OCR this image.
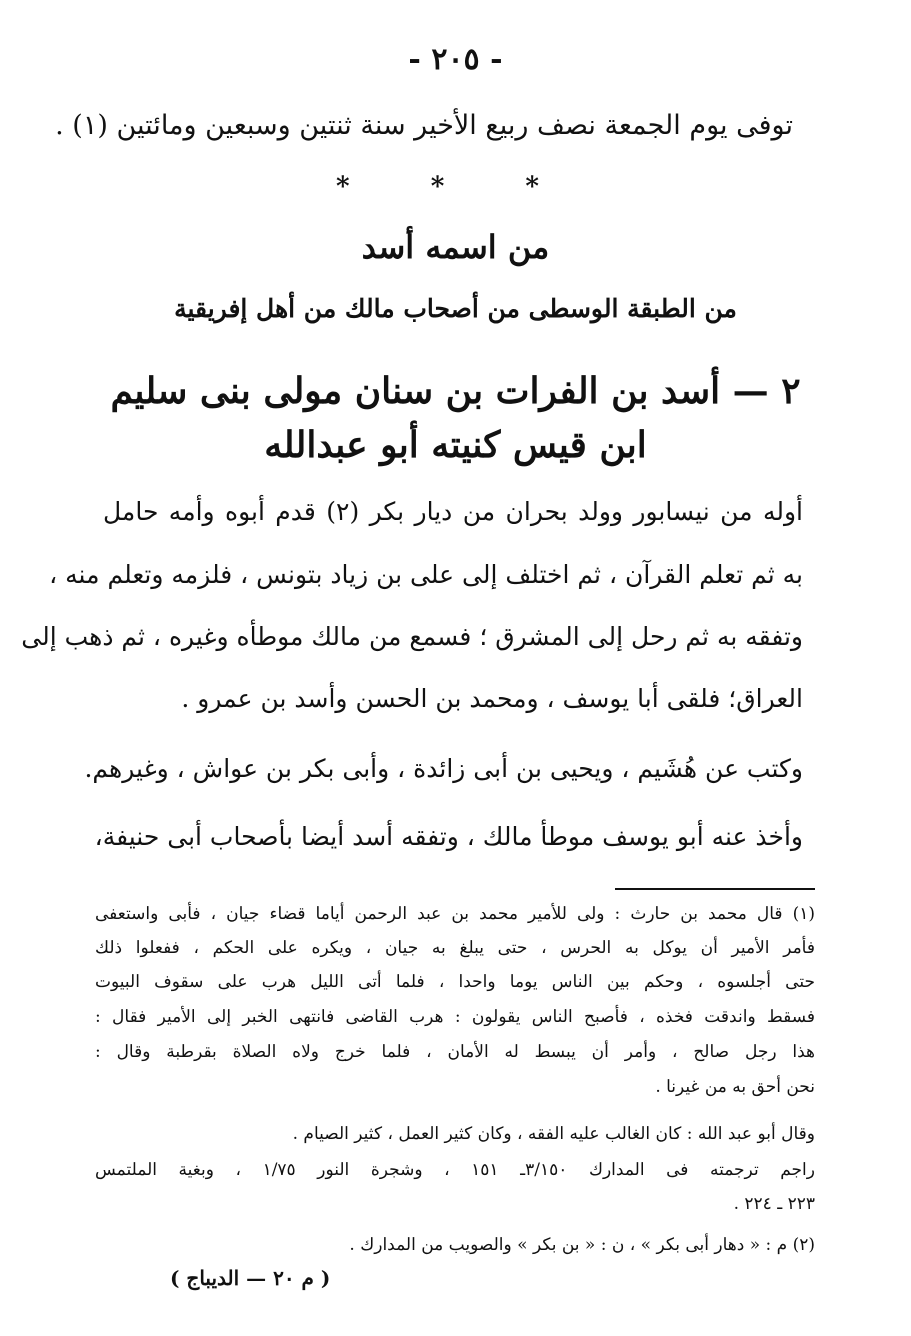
- ٢٠٥ -
توفى يوم الجمعة نصف ربيع الأخير سنة ثنتين وسبعين ومائتين (١) .
* * *
من اسمه أسد
من الطبقة الوسطى من أصحاب مالك من أهل إفريقية
٢ — أسد بن الفرات بن سنان مولى بنى سليم
ابن قيس كنيته أبو عبدالله
أوله من نيسابور وولد بحران من ديار بكر (٢) قدم أبوه وأمه حامل
به ثم تعلم القرآن ، ثم اختلف إلى على بن زياد بتونس ، فلزمه وتعلم منه ،
وتفقه به ثم رحل إلى المشرق ؛ فسمع من مالك موطأه وغيره ، ثم ذهب إلى
العراق؛ فلقى أبا يوسف ، ومحمد بن الحسن وأسد بن عمرو .
وكتب عن هُشَيم ، ويحيى بن أبى زائدة ، وأبى بكر بن عواش ، وغيرهم.
وأخذ عنه أبو يوسف موطأ مالك ، وتفقه أسد أيضا بأصحاب أبى حنيفة،
(١) قال محمد بن حارث : ولى للأمير محمد بن عبد الرحمن أياما قضاء جيان ، فأبى واستعفى
فأمر الأمير أن يوكل به الحرس ، حتى يبلغ به جيان ، ويكره على الحكم ، ففعلوا ذلك
حتى أجلسوه ، وحكم بين الناس يوما واحدا ، فلما أتى الليل هرب على سقوف البيوت
فسقط واندقت فخذه ، فأصبح الناس يقولون : هرب القاضى فانتهى الخبر إلى الأمير فقال :
هذا رجل صالح ، وأمر أن يبسط له الأمان ، فلما خرج ولاه الصلاة بقرطبة وقال :
نحن أحق به من غيرنا .
وقال أبو عبد الله : كان الغالب عليه الفقه ، وكان كثير العمل ، كثير الصيام .
راجم ترجمته فى المدارك ٣/١٥٠ـ ١٥١ ، وشجرة النور ١/٧٥ ، وبغية الملتمس
٢٢٣ ـ ٢٢٤ .
(٢) م : « دهار أبى بكر » ، ن : « بن بكر » والصويب من المدارك .
( م ٢٠ — الديباج )
